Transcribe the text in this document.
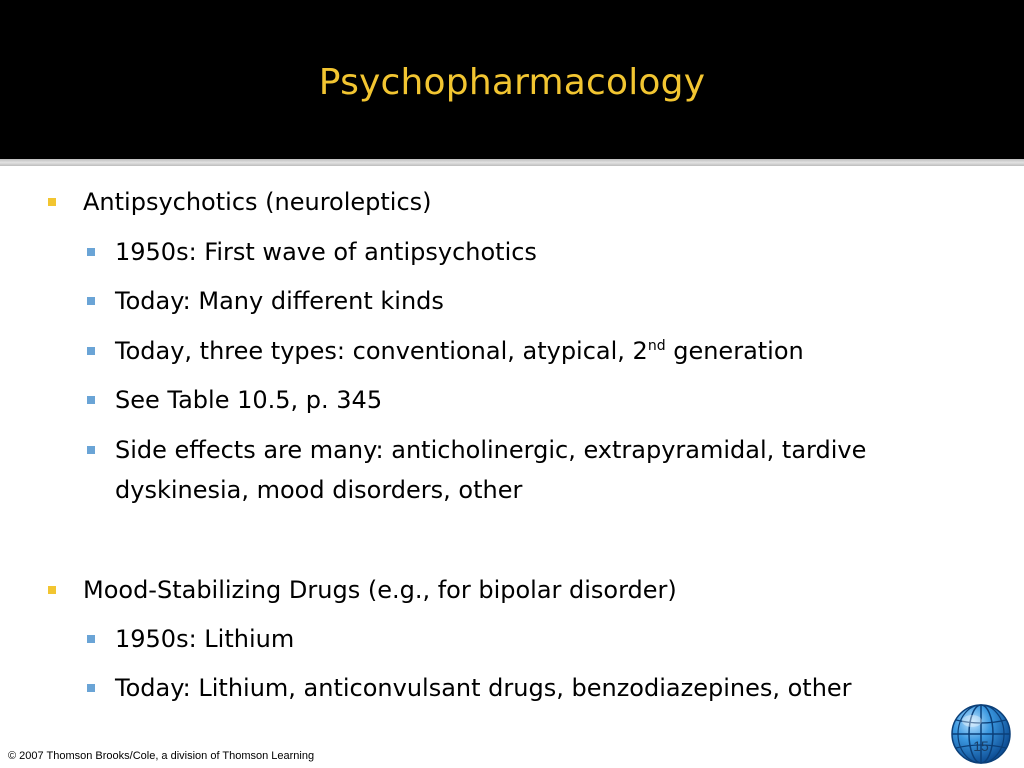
Psychopharmacology
Antipsychotics (neuroleptics)
1950s: First wave of antipsychotics
Today: Many different kinds
Today, three types: conventional, atypical, 2nd generation
See Table 10.5, p. 345
Side effects are many: anticholinergic, extrapyramidal, tardive
dyskinesia, mood disorders, other
Mood-Stabilizing Drugs (e.g., for bipolar disorder)
1950s: Lithium
Today: Lithium, anticonvulsant drugs, benzodiazepines, other
© 2007 Thomson Brooks/Cole, a division of Thomson Learning
15
